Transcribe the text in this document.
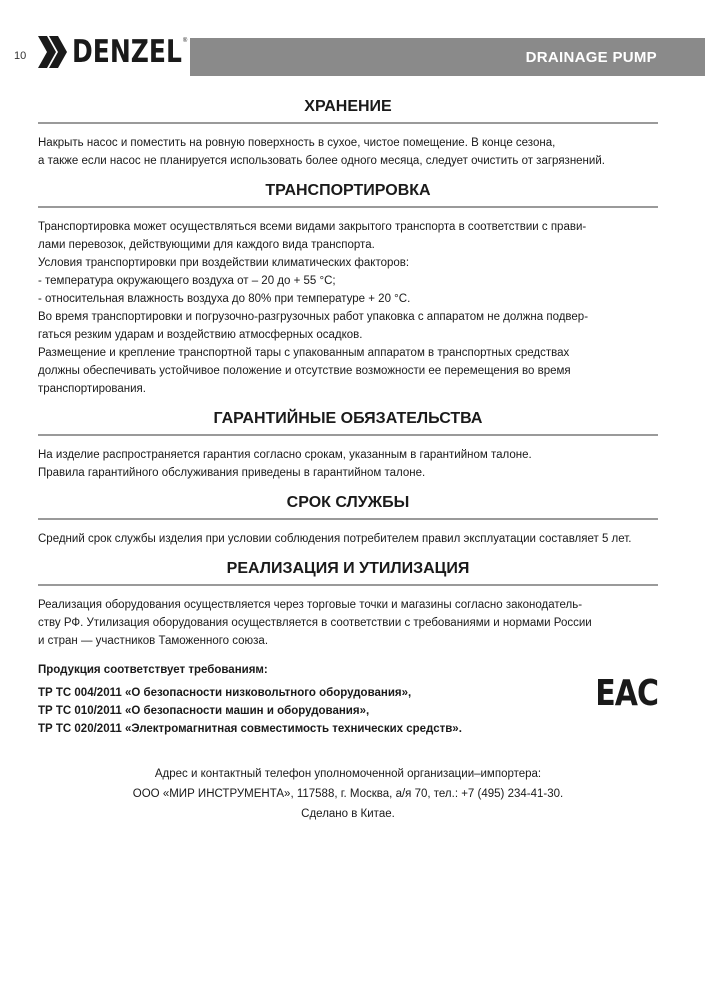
10 DENZEL ®
DRAINAGE PUMP
ХРАНЕНИЕ

Накрыть насос и поместить на ровную поверхность в сухое, чистое помещение. В конце сезона,
а также если насос не планируется использовать более одного месяца, следует очистить от загрязнений.

ТРАНСПОРТИРОВКА

Транспортировка может осуществляться всеми видами закрытого транспорта в соответствии с прави-
лами перевозок, действующими для каждого вида транспорта.
Условия транспортировки при воздействии климатических факторов:
- температура окружающего воздуха от – 20 до + 55 °С;
- относительная влажность воздуха до 80% при температуре + 20 °С.
Во время транспортировки и погрузочно-разгрузочных работ упаковка с аппаратом не должна подвер-
гаться резким ударам и воздействию атмосферных осадков.
Размещение и крепление транспортной тары с упакованным аппаратом в транспортных средствах
должны обеспечивать устойчивое положение и отсутствие возможности ее перемещения во время
транспортирования.

ГАРАНТИЙНЫЕ ОБЯЗАТЕЛЬСТВА

На изделие распространяется гарантия согласно срокам, указанным в гарантийном талоне.
Правила гарантийного обслуживания приведены в гарантийном талоне.

СРОК СЛУЖБЫ

Средний срок службы изделия при условии соблюдения потребителем правил эксплуатации составляет 5 лет.

РЕАЛИЗАЦИЯ И УТИЛИЗАЦИЯ

Реализация оборудования осуществляется через торговые точки и магазины согласно законодатель-
ству РФ. Утилизация оборудования осуществляется в соответствии с требованиями и нормами России
и стран — участников Таможенного союза.

Продукция соответствует требованиям:

ТР ТС 004/2011 «О безопасности низковольтного оборудования»,

ТР ТС 010/2011 «О безопасности машин и оборудования»,

ТР ТС 020/2011 «Электромагнитная совместимость технических средств».

EAC

Адрес и контактный телефон уполномоченной организации–импортера:

ООО «МИР ИНСТРУМЕНТА», 117588, г. Москва, а/я 70, тел.: +7 (495) 234-41-30.

Сделано в Китае.
